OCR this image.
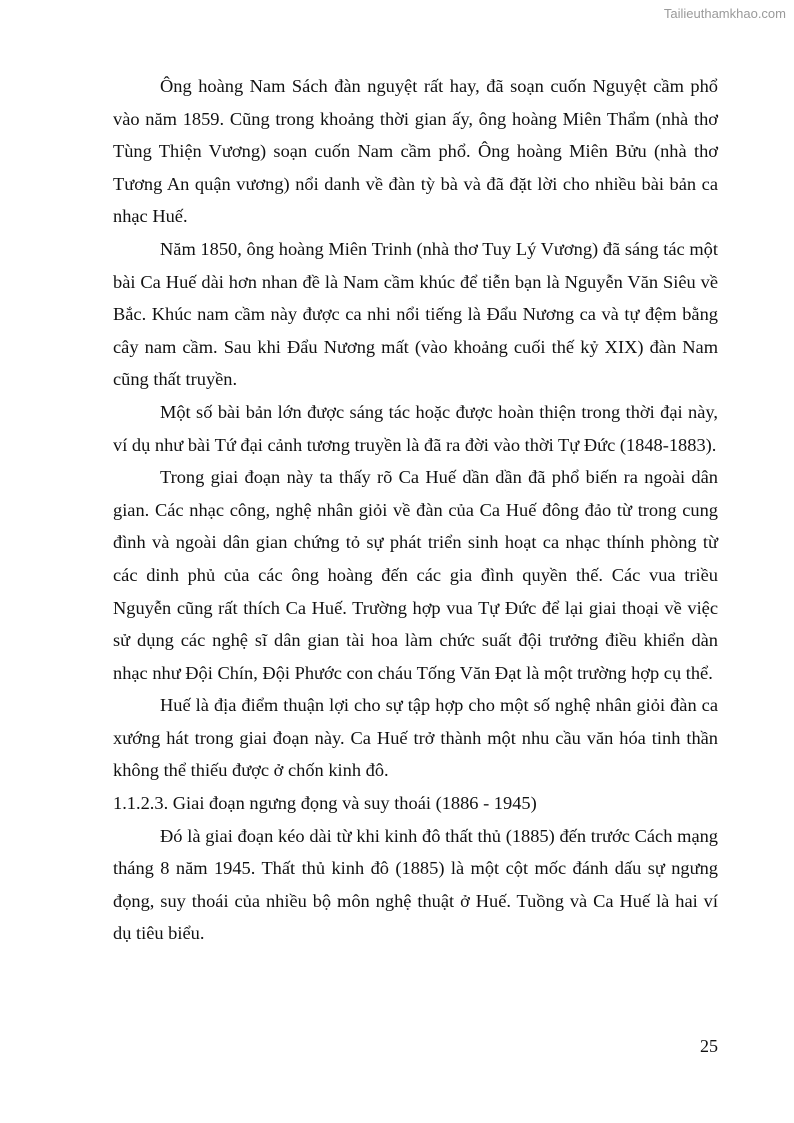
Tailieuthamkhao.com

Ông hoàng Nam Sách đàn nguyệt rất hay, đã soạn cuốn Nguyệt cầm phổ vào năm 1859. Cũng trong khoảng thời gian ấy, ông hoàng Miên Thẩm (nhà thơ Tùng Thiện Vương) soạn cuốn Nam cầm phổ. Ông hoàng Miên Bửu (nhà thơ Tương An quận vương) nổi danh về đàn tỳ bà và đã đặt lời cho nhiều bài bản ca nhạc Huế.

Năm 1850, ông hoàng Miên Trinh (nhà thơ Tuy Lý Vương) đã sáng tác một bài Ca Huế dài hơn nhan đề là Nam cầm khúc để tiễn bạn là Nguyễn Văn Siêu về Bắc. Khúc nam cầm này được ca nhi nổi tiếng là Đẩu Nương ca và tự đệm bằng cây nam cầm. Sau khi Đẩu Nương mất (vào khoảng cuối thế kỷ XIX) đàn Nam cũng thất truyền.

Một số bài bản lớn được sáng tác hoặc được hoàn thiện trong thời đại này, ví dụ như bài Tứ đại cảnh tương truyền là đã ra đời vào thời Tự Đức (1848-1883).

Trong giai đoạn này ta thấy rõ Ca Huế dần dần đã phổ biến ra ngoài dân gian. Các nhạc công, nghệ nhân giỏi về đàn của Ca Huế đông đảo từ trong cung đình và ngoài dân gian chứng tỏ sự phát triển sinh hoạt ca nhạc thính phòng từ các dinh phủ của các ông hoàng đến các gia đình quyền thế. Các vua triều Nguyễn cũng rất thích Ca Huế. Trường hợp vua Tự Đức để lại giai thoại về việc sử dụng các nghệ sĩ dân gian tài hoa làm chức suất đội trưởng điều khiển dàn nhạc như Đội Chín, Đội Phước con cháu Tống Văn Đạt là một trường hợp cụ thể.

Huế là địa điểm thuận lợi cho sự tập hợp cho một số nghệ nhân giỏi đàn ca xướng hát trong giai đoạn này. Ca Huế trở thành một nhu cầu văn hóa tinh thần không thể thiếu được ở chốn kinh đô.

1.1.2.3. Giai đoạn ngưng đọng và suy thoái (1886 - 1945)

Đó là giai đoạn kéo dài từ khi kinh đô thất thủ (1885) đến trước Cách mạng tháng 8 năm 1945. Thất thủ kinh đô (1885) là một cột mốc đánh dấu sự ngưng đọng, suy thoái của nhiều bộ môn nghệ thuật ở Huế. Tuồng và Ca Huế là hai ví dụ tiêu biểu.

25
